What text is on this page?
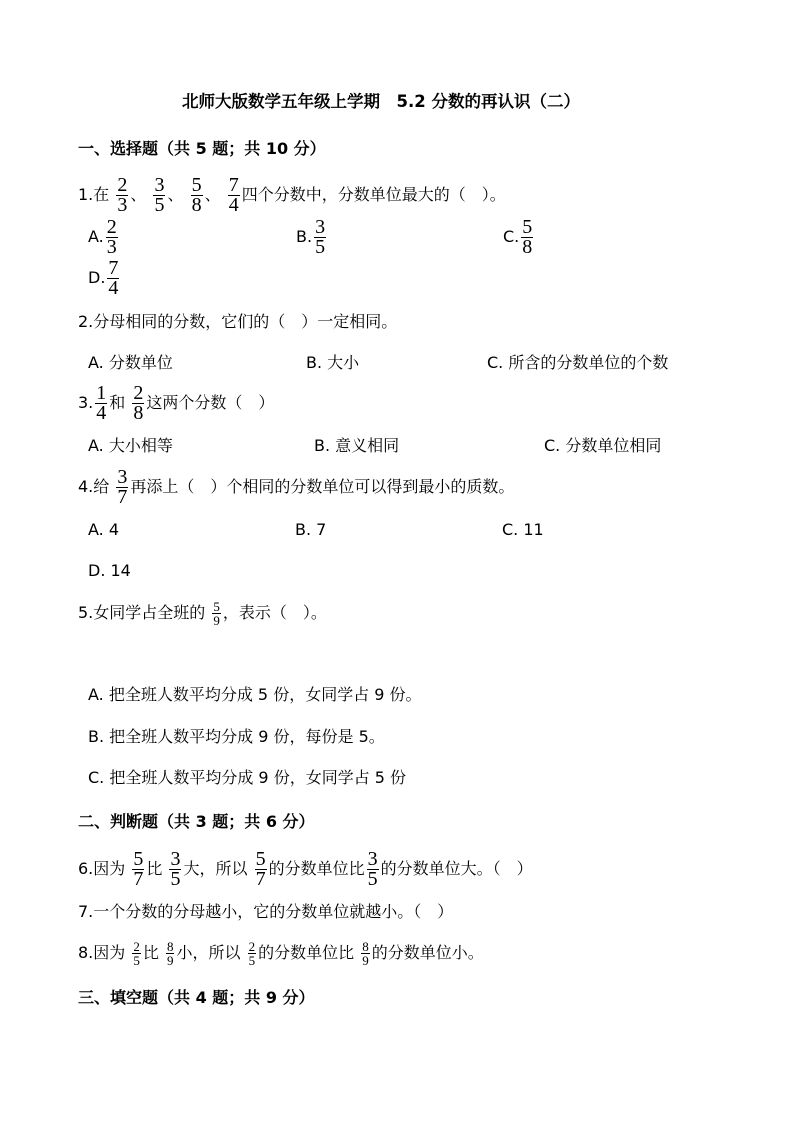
北师大版数学五年级上学期　5.2 分数的再认识（二）
一、选择题（共 5 题；共 10 分）
1.在 $\frac{2}{3}$ 、 $\frac{3}{5}$ 、 $\frac{5}{8}$ 、 $\frac{7}{4}$ 四个分数中，分数单位最大的（　）。
A. $\frac{2}{3}$	B. $\frac{3}{5}$	C. $\frac{5}{8}$
D. $\frac{7}{4}$
2.分母相同的分数，它们的（　）一定相同。
A. 分数单位	B. 大小	C. 所含的分数单位的个数
3. $\frac{1}{4}$ 和 $\frac{2}{8}$ 这两个分数（　）
A. 大小相等	B. 意义相同	C. 分数单位相同
4.给 $\frac{3}{7}$ 再添上（　）个相同的分数单位可以得到最小的质数。
A. 4	B. 7	C. 11
D. 14
5.女同学占全班的 $\frac{5}{9}$ ，表示（　）。
A. 把全班人数平均分成 5 份，女同学占 9 份。
B. 把全班人数平均分成 9 份，每份是 5。
C. 把全班人数平均分成 9 份，女同学占 5 份
二、判断题（共 3 题；共 6 分）
6.因为 $\frac{5}{7}$ 比 $\frac{3}{5}$ 大，所以 $\frac{5}{7}$ 的分数单位比 $\frac{3}{5}$ 的分数单位大。（　）
7.一个分数的分母越小，它的分数单位就越小。（　）
8.因为 $\frac{2}{5}$ 比 $\frac{8}{9}$ 小，所以 $\frac{2}{5}$ 的分数单位比 $\frac{8}{9}$ 的分数单位小。
三、填空题（共 4 题；共 9 分）
